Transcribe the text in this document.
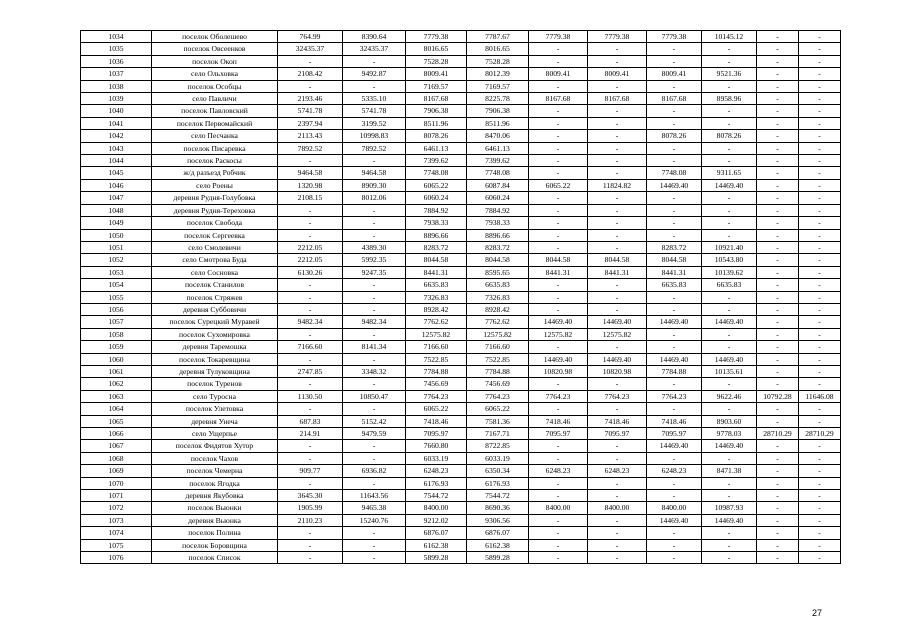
1034	поселок Оболешево	764.99	8390.64	7779.38	7787.67	7779.38	7779.38	7779.38	10145.12	-	-
1035	поселок Овсеенков	32435.37	32435.37	8016.65	8016.65	-	-	-	-	-	-
1036	поселок Окоп	-	-	7528.28	7528.28	-	-	-	-	-	-
1037	село Ольховка	2108.42	9492.87	8009.41	8012.39	8009.41	8009.41	8009.41	9521.36	-	-
1038	поселок Особцы	-	-	7169.57	7169.57	-	-	-	-	-	-
1039	село Павличи	2193.46	5335.10	8167.68	8225.78	8167.68	8167.68	8167.68	8958.96	-	-
1040	поселок Павловский	5741.78	5741.78	7906.38	7906.38	-	-	-	-	-	-
1041	поселок Первомайский	2397.94	3199.52	8511.96	8511.96	-	-	-	-	-	-
1042	село Песчанка	2113.43	10998.83	8078.26	8470.06	-	-	8078.26	8078.26	-	-
1043	поселок Писаревка	7892.52	7892.52	6461.13	6461.13	-	-	-	-	-	-
1044	поселок Раскосы	-	-	7399.62	7399.62	-	-	-	-	-	-
1045	ж/д разъезд Робчик	9464.58	9464.58	7748.08	7748.08	-	-	7748.08	9311.65	-	-
1046	село Роены	1320.98	8909.30	6065.22	6087.84	6065.22	11824.82	14469.40	14469.40	-	-
1047	деревня Рудня-Голубовка	2108.15	8012.06	6060.24	6060.24	-	-	-	-	-	-
1048	деревня Рудня-Тереховка	-	-	7884.92	7884.92	-	-	-	-	-	-
1049	поселок Свобода	-	-	7938.33	7938.33	-	-	-	-	-	-
1050	поселок Сергеевка	-	-	8896.66	8896.66	-	-	-	-	-	-
1051	село Смолевичи	2212.05	4389.30	8283.72	8283.72	-	-	8283.72	10921.40	-	-
1052	село Смотрова Буда	2212.05	5992.35	8044.58	8044.58	8044.58	8044.58	8044.58	10543.80	-	-
1053	село Сосновка	6130.26	9247.35	8441.31	8595.65	8441.31	8441.31	8441.31	10139.62	-	-
1054	поселок Станилов	-	-	6635.83	6635.83	-	-	6635.83	6635.83	-	-
1055	поселок Стряжев	-	-	7326.83	7326.83	-	-	-	-	-	-
1056	деревня Суббовичи	-	-	8928.42	8928.42	-	-	-	-	-	-
1057	поселок Сурецкий Муравей	9482.34	9482.34	7762.62	7762.62	14469.40	14469.40	14469.40	14469.40	-	-
1058	поселок Сухомировка	-	-	12575.82	12575.82	12575.82	12575.82	-	-	-	-
1059	деревня Таремошка	7166.60	8141.34	7166.60	7166.60	-	-	-	-	-	-
1060	поселок Токаревщина	-	-	7522.85	7522.85	14469.40	14469.40	14469.40	14469.40	-	-
1061	деревня Тулуковщина	2747.85	3348.32	7784.88	7784.88	10820.98	10820.98	7784.88	10135.61	-	-
1062	поселок Туренов	-	-	7456.69	7456.69	-	-	-	-	-	-
1063	село Туросна	1130.50	10850.47	7764.23	7764.23	7764.23	7764.23	7764.23	9622.46	10792.28	11646.08
1064	поселок Улетовка	-	-	6065.22	6065.22	-	-	-	-	-	-
1065	деревня Унеча	687.83	5152.42	7418.46	7581.36	7418.46	7418.46	7418.46	8903.60	-	-
1066	село Ущерпье	214.91	9479.59	7095.97	7167.71	7095.97	7095.97	7095.97	9778.03	28710.29	28710.29
1067	поселок Фидятов Хутор	-	-	7660.80	8722.85	-	-	14469.40	14469.40	-	-
1068	поселок Чахов	-	-	6033.19	6033.19	-	-	-	-	-	-
1069	поселок Чемерна	909.77	6936.82	6248.23	6350.34	6248.23	6248.23	6248.23	8471.38	-	-
1070	поселок Ягодка	-	-	6176.93	6176.93	-	-	-	-	-	-
1071	деревня Якубовка	3645.30	11643.56	7544.72	7544.72	-	-	-	-	-	-
1072	поселок Вьюнки	1905.99	9465.38	8400.00	8690.36	8400.00	8400.00	8400.00	10987.93	-	-
1073	деревня Вьюнка	2110.23	15240.76	9212.02	9306.56	-	-	14469.40	14469.40	-	-
1074	поселок Полина	-	-	6876.07	6876.07	-	-	-	-	-	-
1075	поселок Боровщина	-	-	6162.38	6162.38	-	-	-	-	-	-
1076	поселок Список	-	-	5899.28	5899.28	-	-	-	-	-	-
27
